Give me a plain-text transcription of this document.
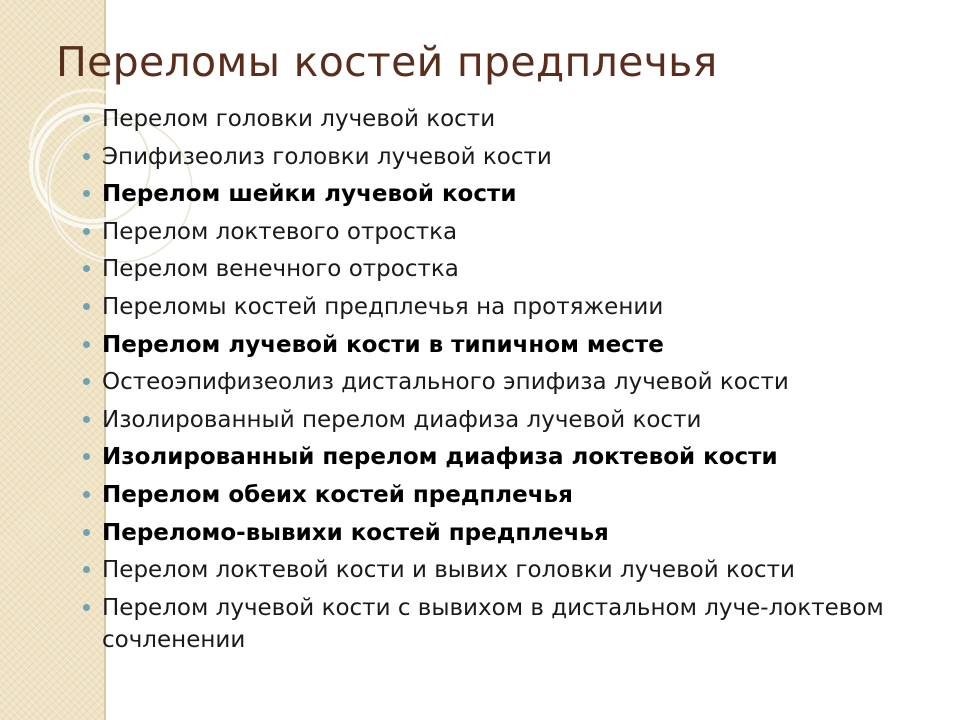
Переломы костей предплечья
Перелом головки лучевой кости
Эпифизеолиз головки лучевой кости
Перелом шейки лучевой кости
Перелом локтевого отростка
Перелом венечного отростка
Переломы костей предплечья на протяжении
Перелом лучевой кости в типичном месте
Остеоэпифизеолиз дистального эпифиза лучевой кости
Изолированный перелом диафиза лучевой кости
Изолированный перелом диафиза локтевой кости
Перелом обеих костей предплечья
Переломо-вывихи костей предплечья
Перелом локтевой кости и вывих головки лучевой кости
Перелом лучевой кости с вывихом в дистальном луче-локтевом сочленении
